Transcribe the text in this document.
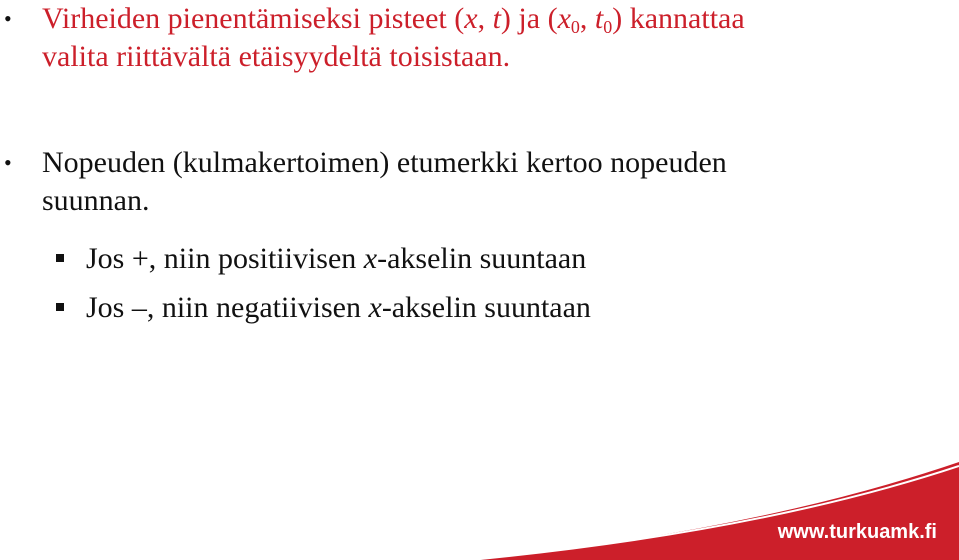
• Virheiden pienentämiseksi pisteet (x, t) ja ($x_0$, $t_0$) kannattaa
valita riittävältä etäisyydeltä toisistaan.
• Nopeuden (kulmakertoimen) etumerkki kertoo nopeuden
suunnan.
Jos +, niin positiivisen x-akselin suuntaan
Jos –, niin negatiivisen x-akselin suuntaan
www.turkuamk.fi
